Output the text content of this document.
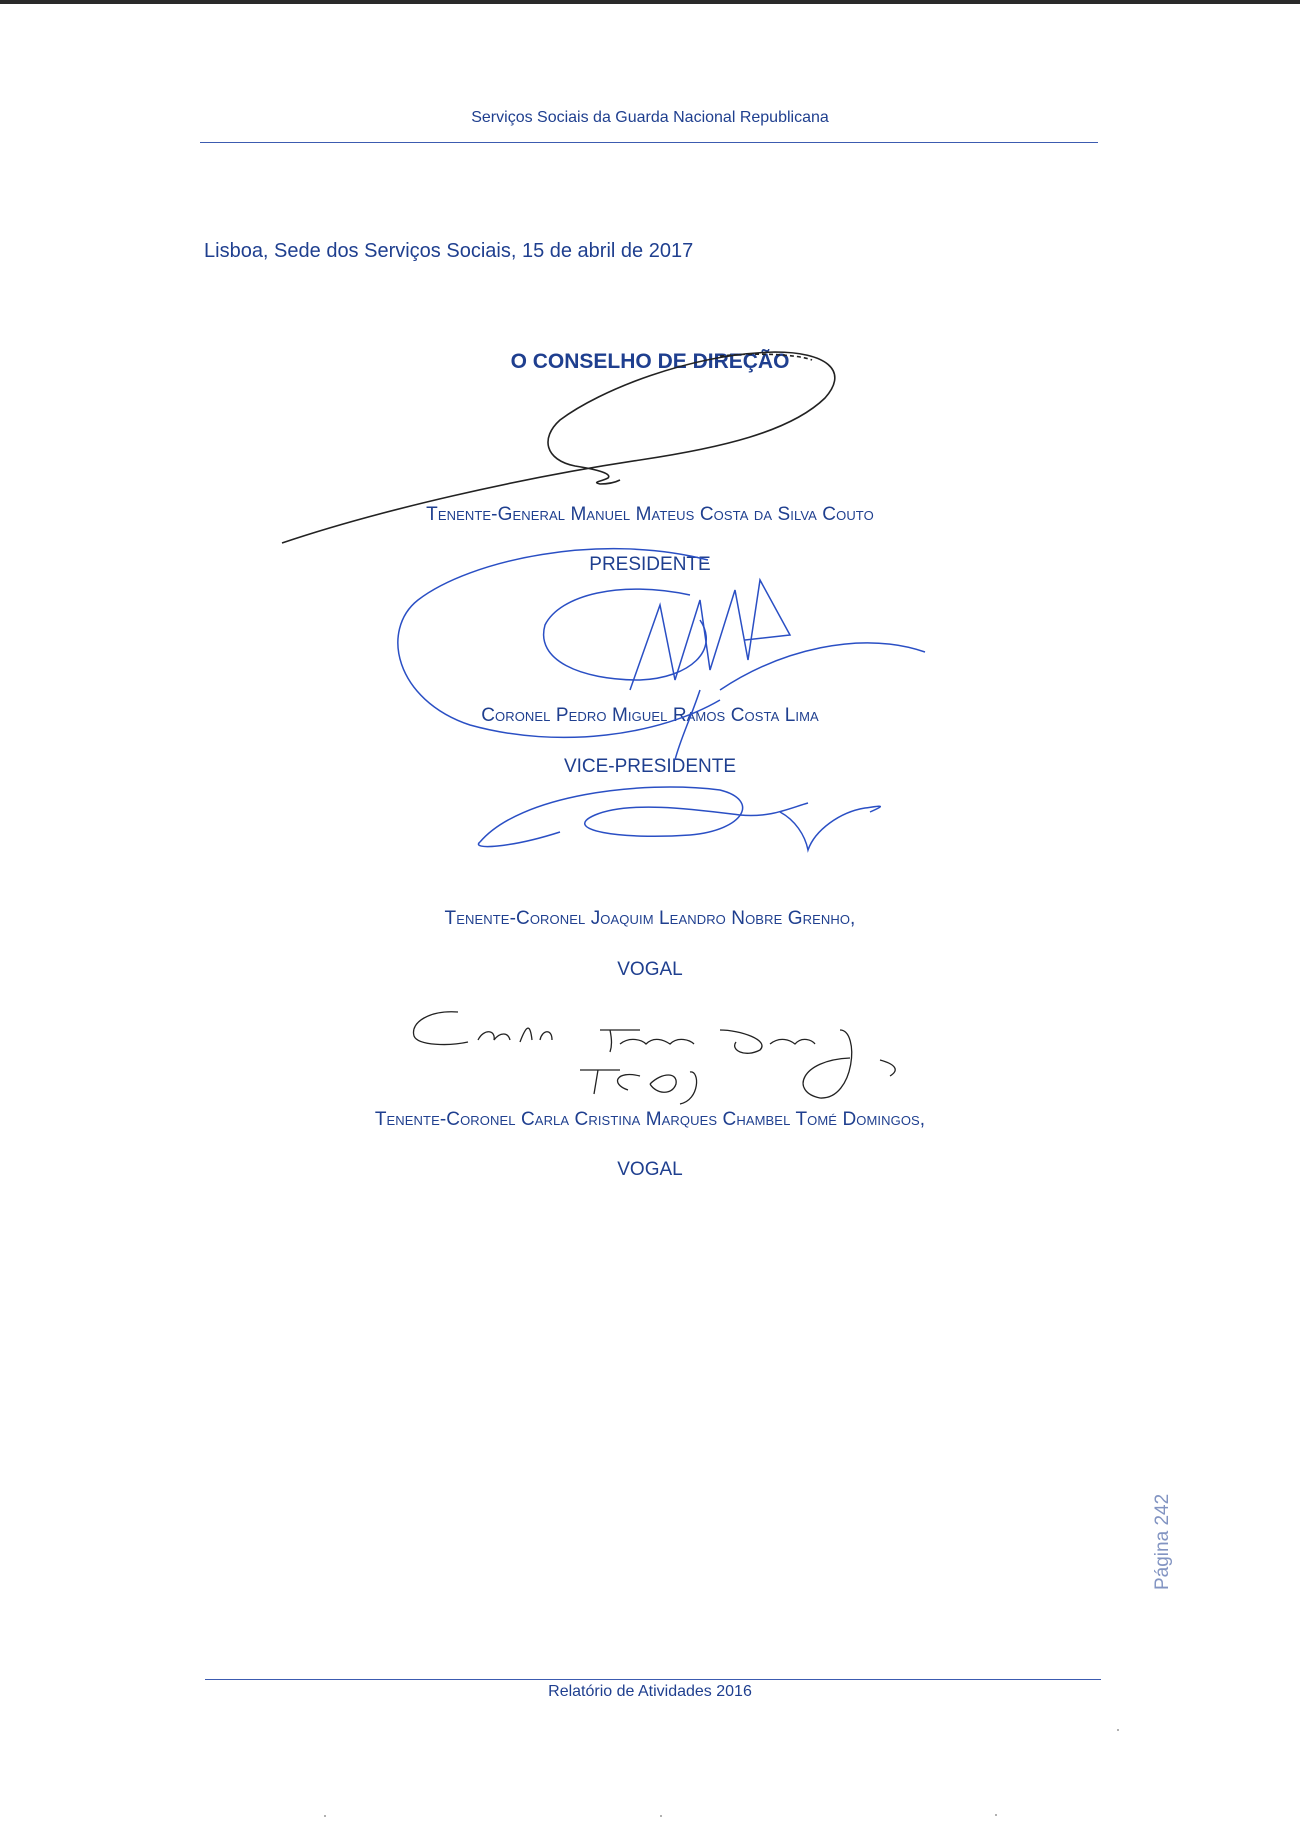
Serviços Sociais da Guarda Nacional Republicana
Lisboa, Sede dos Serviços Sociais, 15 de abril de 2017
O CONSELHO DE DIREÇÃO
Tenente-General Manuel Mateus Costa da Silva Couto
PRESIDENTE
Coronel Pedro Miguel Ramos Costa Lima
VICE-PRESIDENTE
Tenente-Coronel Joaquim Leandro Nobre Grenho,
VOGAL
Tenente-Coronel Carla Cristina Marques Chambel Tomé Domingos,
VOGAL
Relatório de Atividades 2016
Página 242
